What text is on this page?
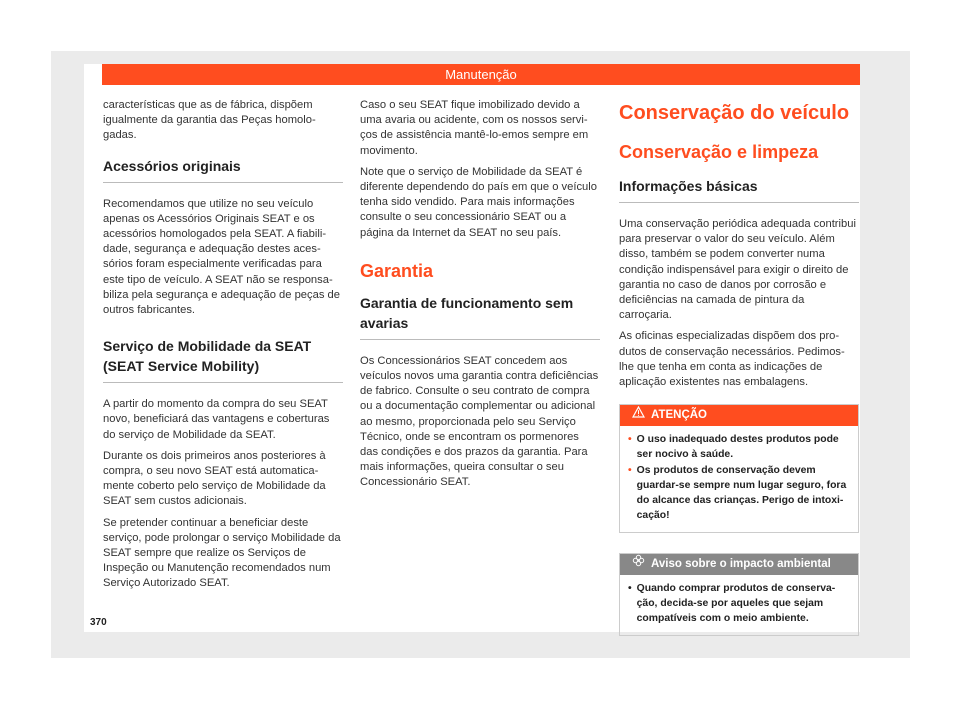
Manutenção

características que as de fábrica, dispõem igualmente da garantia das Peças homologadas.

Acessórios originais

Recomendamos que utilize no seu veículo apenas os Acessórios Originais SEAT e os acessórios homologados pela SEAT. A fiabilidade, segurança e adequação destes acessórios foram especialmente verificadas para este tipo de veículo. A SEAT não se responsabiliza pela segurança e adequação de peças de outros fabricantes.

Serviço de Mobilidade da SEAT (SEAT Service Mobility)

A partir do momento da compra do seu SEAT novo, beneficiará das vantagens e coberturas do serviço de Mobilidade da SEAT.

Durante os dois primeiros anos posteriores à compra, o seu novo SEAT está automaticamente coberto pelo serviço de Mobilidade da SEAT sem custos adicionais.

Se pretender continuar a beneficiar deste serviço, pode prolongar o serviço Mobilidade da SEAT sempre que realize os Serviços de Inspeção ou Manutenção recomendados num Serviço Autorizado SEAT.

Caso o seu SEAT fique imobilizado devido a uma avaria ou acidente, com os nossos serviços de assistência mantê-lo-emos sempre em movimento.

Note que o serviço de Mobilidade da SEAT é diferente dependendo do país em que o veículo tenha sido vendido. Para mais informações consulte o seu concessionário SEAT ou a página da Internet da SEAT no seu país.

Garantia
Garantia de funcionamento sem avarias

Os Concessionários SEAT concedem aos veículos novos uma garantia contra deficiências de fabrico. Consulte o seu contrato de compra ou a documentação complementar ou adicional ao mesmo, proporcionada pelo seu Serviço Técnico, onde se encontram os pormenores das condições e dos prazos da garantia. Para mais informações, queira consultar o seu Concessionário SEAT.

Conservação do veículo
Conservação e limpeza
Informações básicas

Uma conservação periódica adequada contribui para preservar o valor do seu veículo. Além disso, também se podem converter numa condição indispensável para exigir o direito de garantia no caso de danos por corrosão e deficiências na camada de pintura da carroçaria.

As oficinas especializadas dispõem dos produtos de conservação necessários. Pedimos-lhe que tenha em conta as indicações de aplicação existentes nas embalagens.

ATENÇÃO
• O uso inadequado destes produtos pode ser nocivo à saúde.
• Os produtos de conservação devem guardar-se sempre num lugar seguro, fora do alcance das crianças. Perigo de intoxicação!
Aviso sobre o impacto ambiental
• Quando comprar produtos de conservação, decida-se por aqueles que sejam compatíveis com o meio ambiente.
370
